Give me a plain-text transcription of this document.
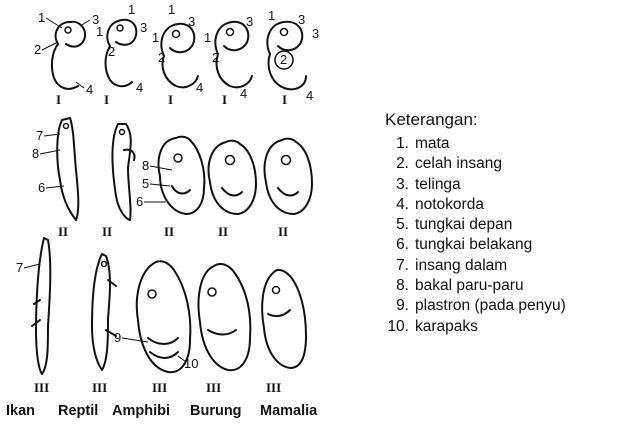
1
2
3
4
1
2
1
3
4
1
3
1
2
4
3
1
2
4
1 3
3
2
4
I	I	I	I	I
7
8
6
8
5
6
II	II	II	II	II
7
9
10
III	III	III	III	III
Ikan Reptil Amphibi Burung Mamalia
Keterangan:
1. mata
2. celah insang
3. telinga
4. notokorda
5. tungkai depan
6. tungkai belakang
7. insang dalam
8. bakal paru-paru
9. plastron (pada penyu)
10. karapaks
